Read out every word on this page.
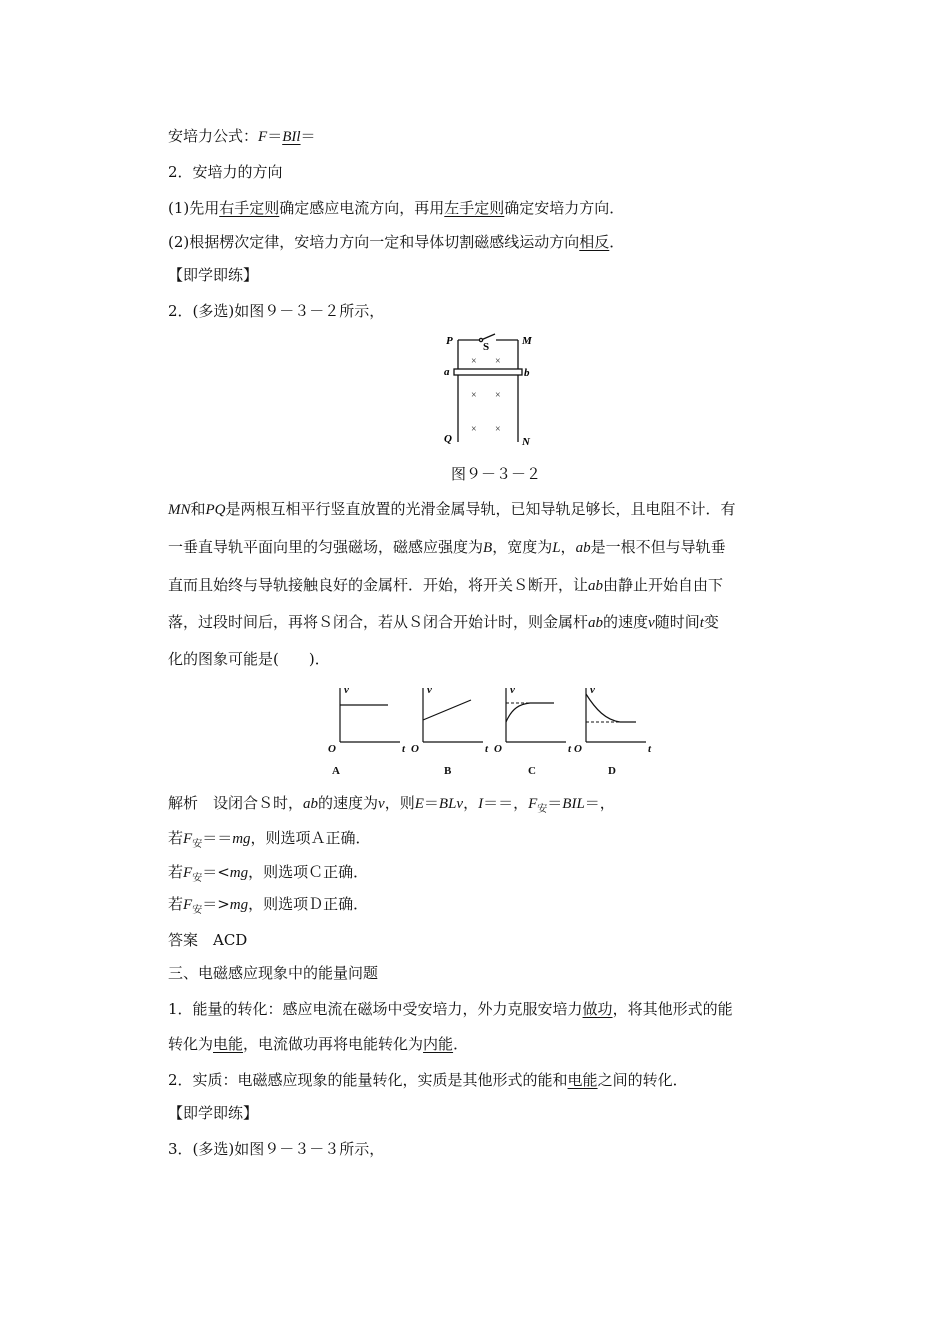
安培力公式：F＝BIl＝
2．安培力的方向
(1)先用右手定则确定感应电流方向，再用左手定则确定安培力方向．
(2)根据楞次定律，安培力方向一定和导体切割磁感线运动方向相反．
【即学即练】
2．(多选)如图９－３－２所示，
P	S	M
a	b
Q	N
× ×
× ×
× ×
图９－３－２
MN和PQ是两根互相平行竖直放置的光滑金属导轨，已知导轨足够长，且电阻不计．有
一垂直导轨平面向里的匀强磁场，磁感应强度为B，宽度为L，ab是一根不但与导轨垂
直而且始终与导轨接触良好的金属杆．开始，将开关Ｓ断开，让ab由静止开始自由下
落，过段时间后，再将Ｓ闭合，若从Ｓ闭合开始计时，则金属杆ab的速度v随时间t变
化的图象可能是(　　)．
v
O	t
v
O	t
v
O	t
v
O	t
A	B	C	D
解析　设闭合Ｓ时，ab的速度为v，则E＝BLv，I＝＝，$F_安=BIL=$，
若$F_安==mg$，则选项Ａ正确．
若$F_安=<mg$，则选项Ｃ正确．
若$F_安=>mg$，则选项Ｄ正确．
答案　ACD
三、电磁感应现象中的能量问题
1．能量的转化：感应电流在磁场中受安培力，外力克服安培力做功，将其他形式的能
转化为电能，电流做功再将电能转化为内能．
2．实质：电磁感应现象的能量转化，实质是其他形式的能和电能之间的转化．
【即学即练】
3．(多选)如图９－３－３所示，
